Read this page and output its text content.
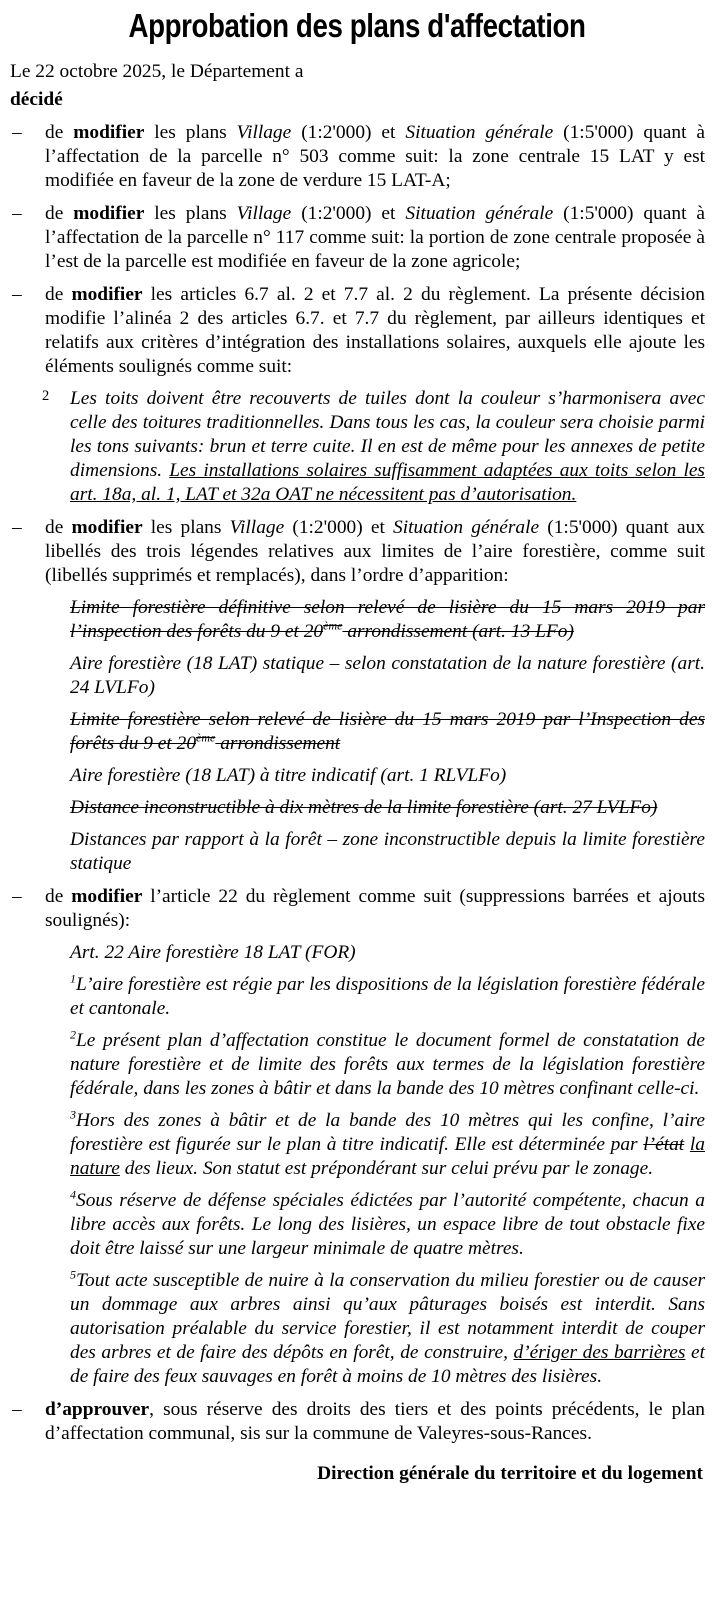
Approbation des plans d'affectation

Le 22 octobre 2025, le Département a

décidé

– de modifier les plans Village (1:2'000) et Situation générale (1:5'000) quant à l’affectation de la parcelle n° 503 comme suit: la zone centrale 15 LAT y est modifiée en faveur de la zone de verdure 15 LAT-A;
– de modifier les plans Village (1:2'000) et Situation générale (1:5'000) quant à l’affectation de la parcelle n° 117 comme suit: la portion de zone centrale proposée à l’est de la parcelle est modifiée en faveur de la zone agricole;
– de modifier les articles 6.7 al. 2 et 7.7 al. 2 du règlement. La présente décision modifie l’alinéa 2 des articles 6.7. et 7.7 du règlement, par ailleurs identiques et relatifs aux critères d’intégration des installations solaires, auxquels elle ajoute les éléments soulignés comme suit:
2 Les toits doivent être recouverts de tuiles dont la couleur s’harmonisera avec celle des toitures traditionnelles. Dans tous les cas, la couleur sera choisie parmi les tons suivants: brun et terre cuite. Il en est de même pour les annexes de petite dimensions. Les installations solaires suffisamment adaptées aux toits selon les art. 18a, al. 1, LAT et 32a OAT ne nécessitent pas d’autorisation.
– de modifier les plans Village (1:2'000) et Situation générale (1:5'000) quant aux libellés des trois légendes relatives aux limites de l’aire forestière, comme suit (libellés supprimés et remplacés), dans l’ordre d’apparition:
Limite forestière définitive selon relevé de lisière du 15 mars 2019 par l’inspection des forêts du 9 et 20ème arrondissement (art. 13 LFo)
Aire forestière (18 LAT) statique – selon constatation de la nature forestière (art. 24 LVLFo)
Limite forestière selon relevé de lisière du 15 mars 2019 par l’Inspection des forêts du 9 et 20ème arrondissement
Aire forestière (18 LAT) à titre indicatif (art. 1 RLVLFo)
Distance inconstructible à dix mètres de la limite forestière (art. 27 LVLFo)
Distances par rapport à la forêt – zone inconstructible depuis la limite forestière statique
– de modifier l’article 22 du règlement comme suit (suppressions barrées et ajouts soulignés):
Art. 22 Aire forestière 18 LAT (FOR)
$^1$L’aire forestière est régie par les dispositions de la législation forestière fédérale et cantonale.
$^2$Le présent plan d’affectation constitue le document formel de constatation de nature forestière et de limite des forêts aux termes de la législation forestière fédérale, dans les zones à bâtir et dans la bande des 10 mètres confinant celle-ci.
$^3$Hors des zones à bâtir et de la bande des 10 mètres qui les confine, l’aire forestière est figurée sur le plan à titre indicatif. Elle est déterminée par l’état la nature des lieux. Son statut est prépondérant sur celui prévu par le zonage.
$^4$Sous réserve de défense spéciales édictées par l’autorité compétente, chacun a libre accès aux forêts. Le long des lisières, un espace libre de tout obstacle fixe doit être laissé sur une largeur minimale de quatre mètres.
$^5$Tout acte susceptible de nuire à la conservation du milieu forestier ou de causer un dommage aux arbres ainsi qu’aux pâturages boisés est interdit. Sans autorisation préalable du service forestier, il est notamment interdit de couper des arbres et de faire des dépôts en forêt, de construire, d’ériger des barrières et de faire des feux sauvages en forêt à moins de 10 mètres des lisières.
– d’approuver, sous réserve des droits des tiers et des points précédents, le plan d’affectation communal, sis sur la commune de Valeyres-sous-Rances.

Direction générale du territoire et du logement
